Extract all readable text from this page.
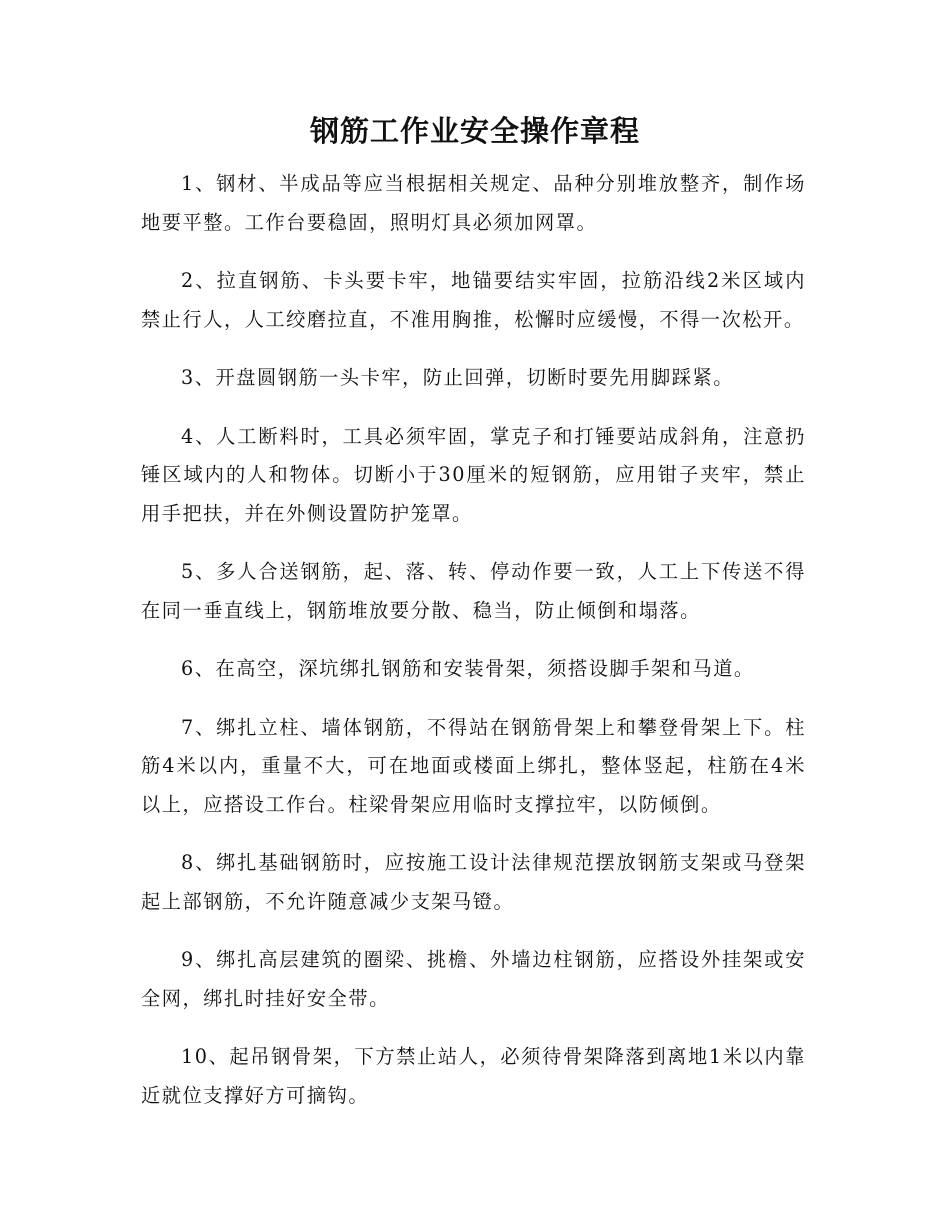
钢筋工作业安全操作章程

1、钢材、半成品等应当根据相关规定、品种分别堆放整齐，制作场地要平整。工作台要稳固，照明灯具必须加网罩。

2、拉直钢筋、卡头要卡牢，地锚要结实牢固，拉筋沿线2米区域内禁止行人，人工绞磨拉直，不准用胸推，松懈时应缓慢，不得一次松开。

3、开盘圆钢筋一头卡牢，防止回弹，切断时要先用脚踩紧。

4、人工断料时，工具必须牢固，掌克子和打锤要站成斜角，注意扔锤区域内的人和物体。切断小于30厘米的短钢筋，应用钳子夹牢，禁止用手把扶，并在外侧设置防护笼罩。

5、多人合送钢筋，起、落、转、停动作要一致，人工上下传送不得在同一垂直线上，钢筋堆放要分散、稳当，防止倾倒和塌落。

6、在高空，深坑绑扎钢筋和安装骨架，须搭设脚手架和马道。

7、绑扎立柱、墙体钢筋，不得站在钢筋骨架上和攀登骨架上下。柱筋4米以内，重量不大，可在地面或楼面上绑扎，整体竖起，柱筋在4米以上，应搭设工作台。柱梁骨架应用临时支撑拉牢，以防倾倒。

8、绑扎基础钢筋时，应按施工设计法律规范摆放钢筋支架或马登架起上部钢筋，不允许随意减少支架马镫。

9、绑扎高层建筑的圈梁、挑檐、外墙边柱钢筋，应搭设外挂架或安全网，绑扎时挂好安全带。

10、起吊钢骨架，下方禁止站人，必须待骨架降落到离地1米以内靠近就位支撑好方可摘钩。
